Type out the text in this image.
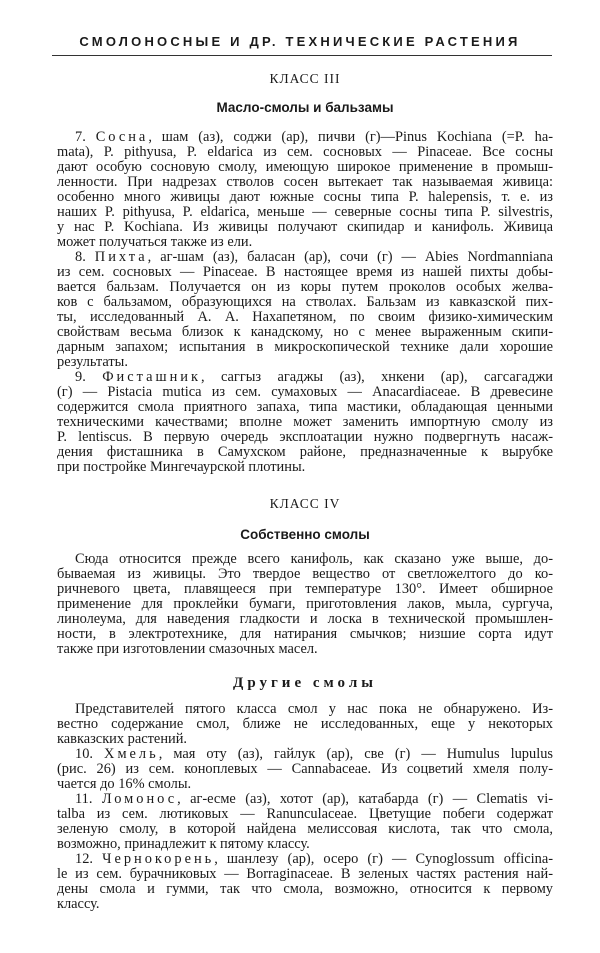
СМОЛОНОСНЫЕ И ДР. ТЕХНИЧЕСКИЕ РАСТЕНИЯ
КЛАСС III
Масло-смолы и бальзамы
КЛАСС IV
Собственно смолы
Другие смолы
7. Сосна, шам (аз), соджи (ар), пичви (г)—Pinus Kochiana (=P. ha-
mata), P. pithyusa, P. eldarica из сем. сосновых — Pinaceae. Все сосны
дают особую сосновую смолу, имеющую широкое применение в промыш-
ленности. При надрезах стволов сосен вытекает так называемая живица:
особенно много живицы дают южные сосны типа P. halepensis, т. е. из
наших P. pithyusa, P. eldarica, меньше — северные сосны типа P. silvestris,
у нас P. Kochiana. Из живицы получают скипидар и канифоль. Живица
может получаться также из ели.
8. Пихта, аг-шам (аз), баласан (ар), сочи (г) — Abies Nordmanniana
из сем. сосновых — Pinaceae. В настоящее время из нашей пихты добы-
вается бальзам. Получается он из коры путем проколов особых желва-
ков с бальзамом, образующихся на стволах. Бальзам из кавказской пих-
ты, исследованный А. А. Нахапетяном, по своим физико-химическим
свойствам весьма близок к канадскому, но с менее выраженным скипи-
дарным запахом; испытания в микроскопической технике дали хорошие
результаты.
9. Фисташник, саггыз агаджы (аз), хнкени (ар), сагсагаджи
(г) — Pistacia mutica из сем. сумаховых — Anacardiaceae. В древесине
содержится смола приятного запаха, типа мастики, обладающая ценными
техническими качествами; вполне может заменить импортную смолу из
P. lentiscus. В первую очередь эксплоатации нужно подвергнуть насаж-
дения фисташника в Самухском районе, предназначенные к вырубке
при постройке Мингечаурской плотины.
Сюда относится прежде всего канифоль, как сказано уже выше, до-
бываемая из живицы. Это твердое вещество от светложелтого до ко-
ричневого цвета, плавящееся при температуре 130°. Имеет обширное
применение для проклейки бумаги, приготовления лаков, мыла, сургуча,
линолеума, для наведения гладкости и лоска в технической промышлен-
ности, в электротехнике, для натирания смычков; низшие сорта идут
также при изготовлении смазочных масел.
Представителей пятого класса смол у нас пока не обнаружено. Из-
вестно содержание смол, ближе не исследованных, еще у некоторых
кавказских растений.
10. Хмель, мая оту (аз), гайлук (ар), све (г) — Humulus lupulus
(рис. 26) из сем. коноплевых — Cannabaceae. Из соцветий хмеля полу-
чается до 16% смолы.
11. Ломонос, аг-есме (аз), хотот (ар), катабарда (г) — Clematis vi-
talba из сем. лютиковых — Ranunculaceae. Цветущие побеги содержат
зеленую смолу, в которой найдена мелиссовая кислота, так что смола,
возможно, принадлежит к пятому классу.
12. Чернокорень, шанлезу (ар), осеро (г) — Cynoglossum officina-
le из сем. бурачниковых — Borraginaceae. В зеленых частях растения най-
дены смола и гумми, так что смола, возможно, относится к первому
классу.
